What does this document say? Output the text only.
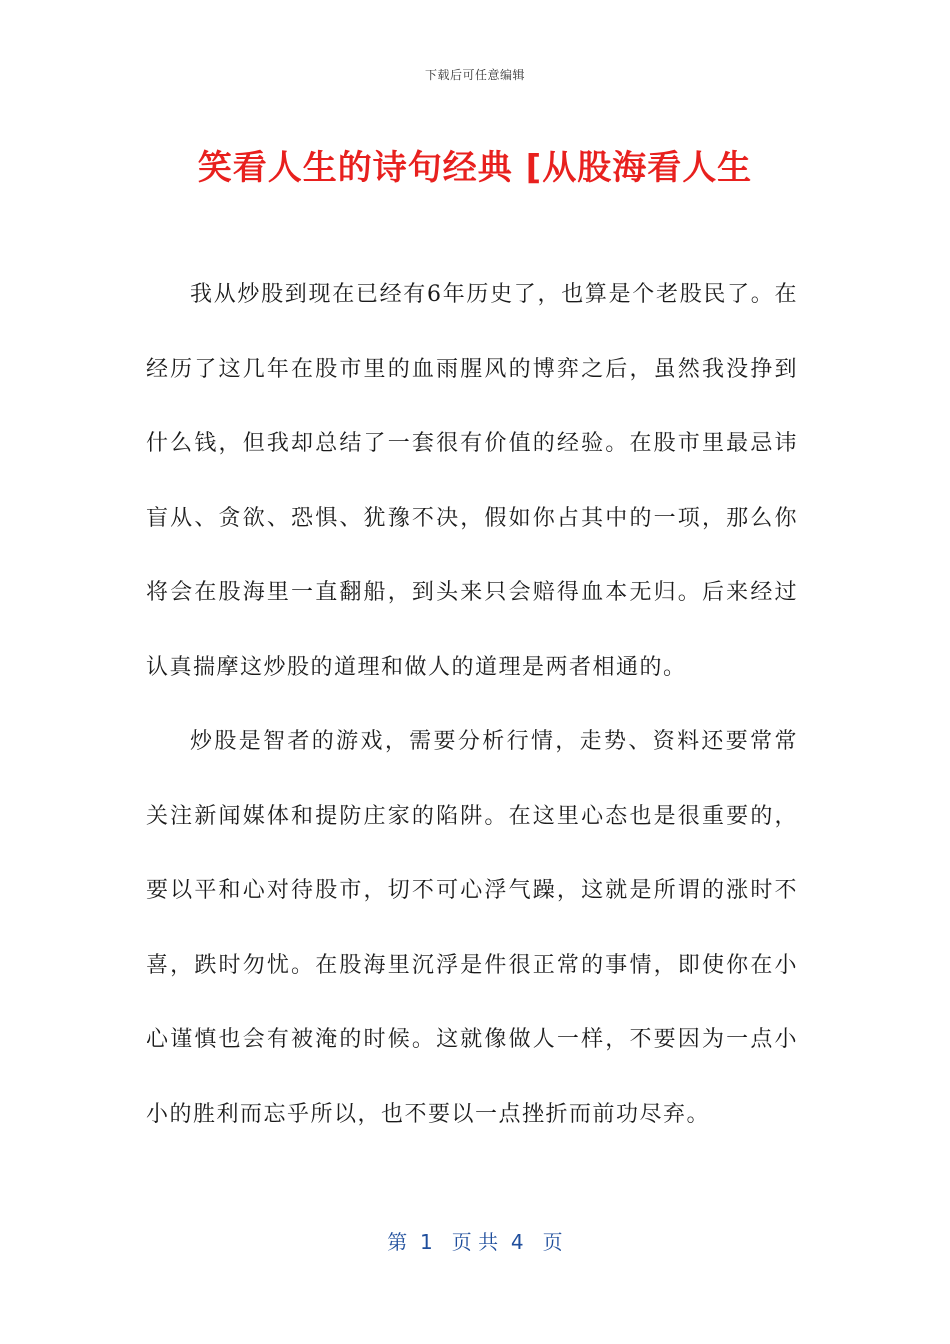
下载后可任意编辑
笑看人生的诗句经典 [从股海看人生

我从炒股到现在已经有6年历史了，也算是个老股民了。在经历了这几年在股市里的血雨腥风的博弈之后，虽然我没挣到什么钱，但我却总结了一套很有价值的经验。在股市里最忌讳盲从、贪欲、恐惧、犹豫不决，假如你占其中的一项，那么你将会在股海里一直翻船，到头来只会赔得血本无归。后来经过认真揣摩这炒股的道理和做人的道理是两者相通的。

炒股是智者的游戏，需要分析行情，走势、资料还要常常关注新闻媒体和提防庄家的陷阱。在这里心态也是很重要的，要以平和心对待股市，切不可心浮气躁，这就是所谓的涨时不喜，跌时勿忧。在股海里沉浮是件很正常的事情，即使你在小心谨慎也会有被淹的时候。这就像做人一样，不要因为一点小小的胜利而忘乎所以，也不要以一点挫折而前功尽弃。

第  1   页 共  4   页
